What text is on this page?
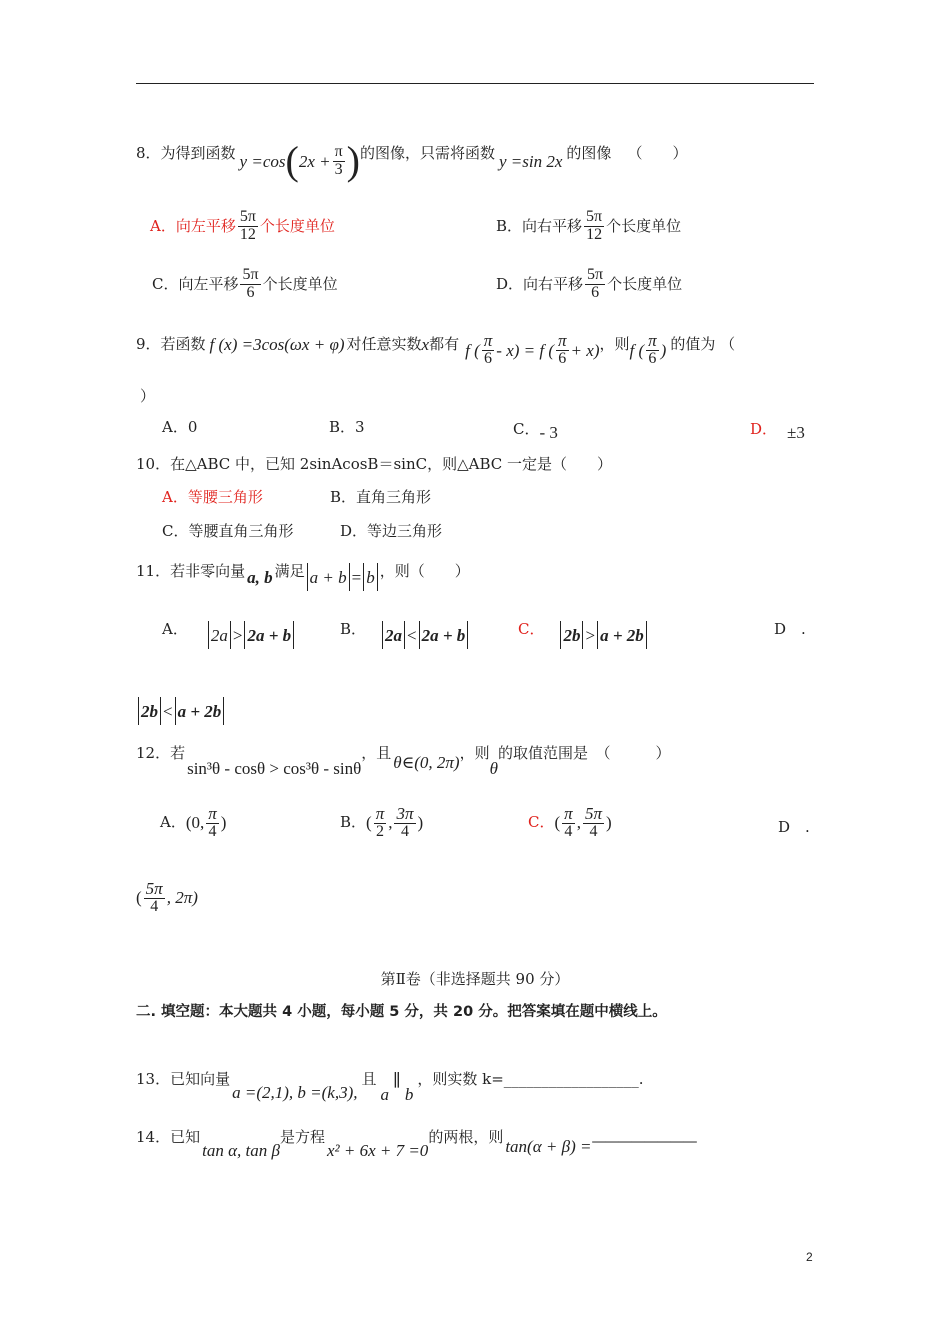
8．为得到函数 y =cos ( $2x + \frac{\pi}{3}$ ) 的图像，只需将函数 y =sin 2x 的图像 （　　）
A．向左平移 $\frac{5\pi}{12}$ 个长度单位	B．向右平移 $\frac{5\pi}{12}$ 个长度单位
C．向左平移 $\frac{5\pi}{6}$ 个长度单位	D．向右平移 $\frac{5\pi}{6}$ 个长度单位
9．若函数 f (x) =3cos(ωx + φ) 对任意实数 x 都有 f ( $\frac{\pi}{6} - x) = f$ ( $\frac{\pi}{6} + x$) ，则 f ( $\frac{\pi}{6}$ ) 的值为 （
）
A．0	B．3	C．- 3	D． ±3
10．在△ABC 中，已知 2sinAcosB＝sinC，则△ABC 一定是（　　）
A．等腰三角形	B．直角三角形
C．等腰直角三角形	D．等边三角形
11．若非零向量 a, b 满足 a + b = b ，则（　　）
A． 2a > 2a + b	B． 2a < 2a + b	C． 2b > a + 2b	D　.
2b < a + 2b
12．若
sin³θ - cosθ > cos³θ - sinθ
，且 θ∈(0, 2π) ，则
θ
的取值范围是　（　　　）
A． (0, $\frac{\pi}{4}$ )	B． ( $\frac{\pi}{2}$ , $\frac{3\pi}{4}$ )	C． ( $\frac{\pi}{4}$ , $\frac{5\pi}{4}$ )	D　.
( $\frac{5\pi}{4}$ , 2π)
第Ⅱ卷（非选择题共 90 分）
二. 填空题：本大题共 4 小题，每小题 5 分，共 20 分。把答案填在题中横线上。
13．已知向量
a =(2,1), b =(k,3),
且
a
∥
b
，则实数 k=__________________.
14．已知
tan α, tan β
是方程
x² + 6x + 7 =0
的两根，则 tan(α + β) = ————————
2
